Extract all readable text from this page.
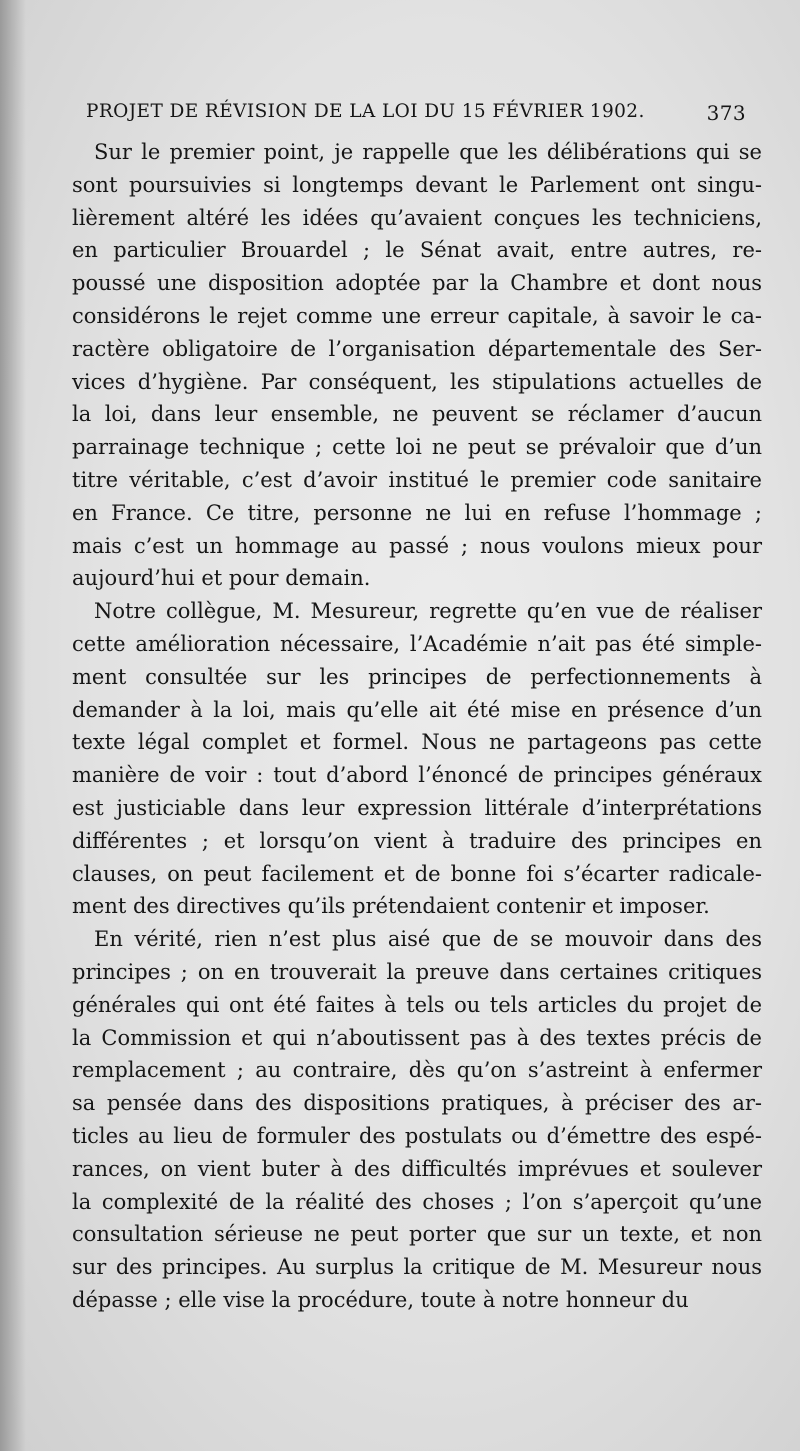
PROJET DE RÉVISION DE LA LOI DU 15 FÉVRIER 1902.	373

Sur le premier point, je rappelle que les délibérations qui se
sont poursuivies si longtemps devant le Parlement ont singu-
lièrement altéré les idées qu’avaient conçues les techniciens,
en particulier Brouardel ; le Sénat avait, entre autres, re-
poussé une disposition adoptée par la Chambre et dont nous
considérons le rejet comme une erreur capitale, à savoir le ca-
ractère obligatoire de l’organisation départementale des Ser-
vices d’hygiène. Par conséquent, les stipulations actuelles de
la loi, dans leur ensemble, ne peuvent se réclamer d’aucun
parrainage technique ; cette loi ne peut se prévaloir que d’un
titre véritable, c’est d’avoir institué le premier code sanitaire
en France. Ce titre, personne ne lui en refuse l’hommage ;
mais c’est un hommage au passé ; nous voulons mieux pour
aujourd’hui et pour demain.

Notre collègue, M. Mesureur, regrette qu’en vue de réaliser
cette amélioration nécessaire, l’Académie n’ait pas été simple-
ment consultée sur les principes de perfectionnements à
demander à la loi, mais qu’elle ait été mise en présence d’un
texte légal complet et formel. Nous ne partageons pas cette
manière de voir : tout d’abord l’énoncé de principes généraux
est justiciable dans leur expression littérale d’interprétations
différentes ; et lorsqu’on vient à traduire des principes en
clauses, on peut facilement et de bonne foi s’écarter radicale-
ment des directives qu’ils prétendaient contenir et imposer.

En vérité, rien n’est plus aisé que de se mouvoir dans des
principes ; on en trouverait la preuve dans certaines critiques
générales qui ont été faites à tels ou tels articles du projet de
la Commission et qui n’aboutissent pas à des textes précis de
remplacement ; au contraire, dès qu’on s’astreint à enfermer
sa pensée dans des dispositions pratiques, à préciser des ar-
ticles au lieu de formuler des postulats ou d’émettre des espé-
rances, on vient buter à des difficultés imprévues et soulever
la complexité de la réalité des choses ; l’on s’aperçoit qu’une
consultation sérieuse ne peut porter que sur un texte, et non
sur des principes. Au surplus la critique de M. Mesureur nous
dépasse ; elle vise la procédure, toute à notre honneur du
